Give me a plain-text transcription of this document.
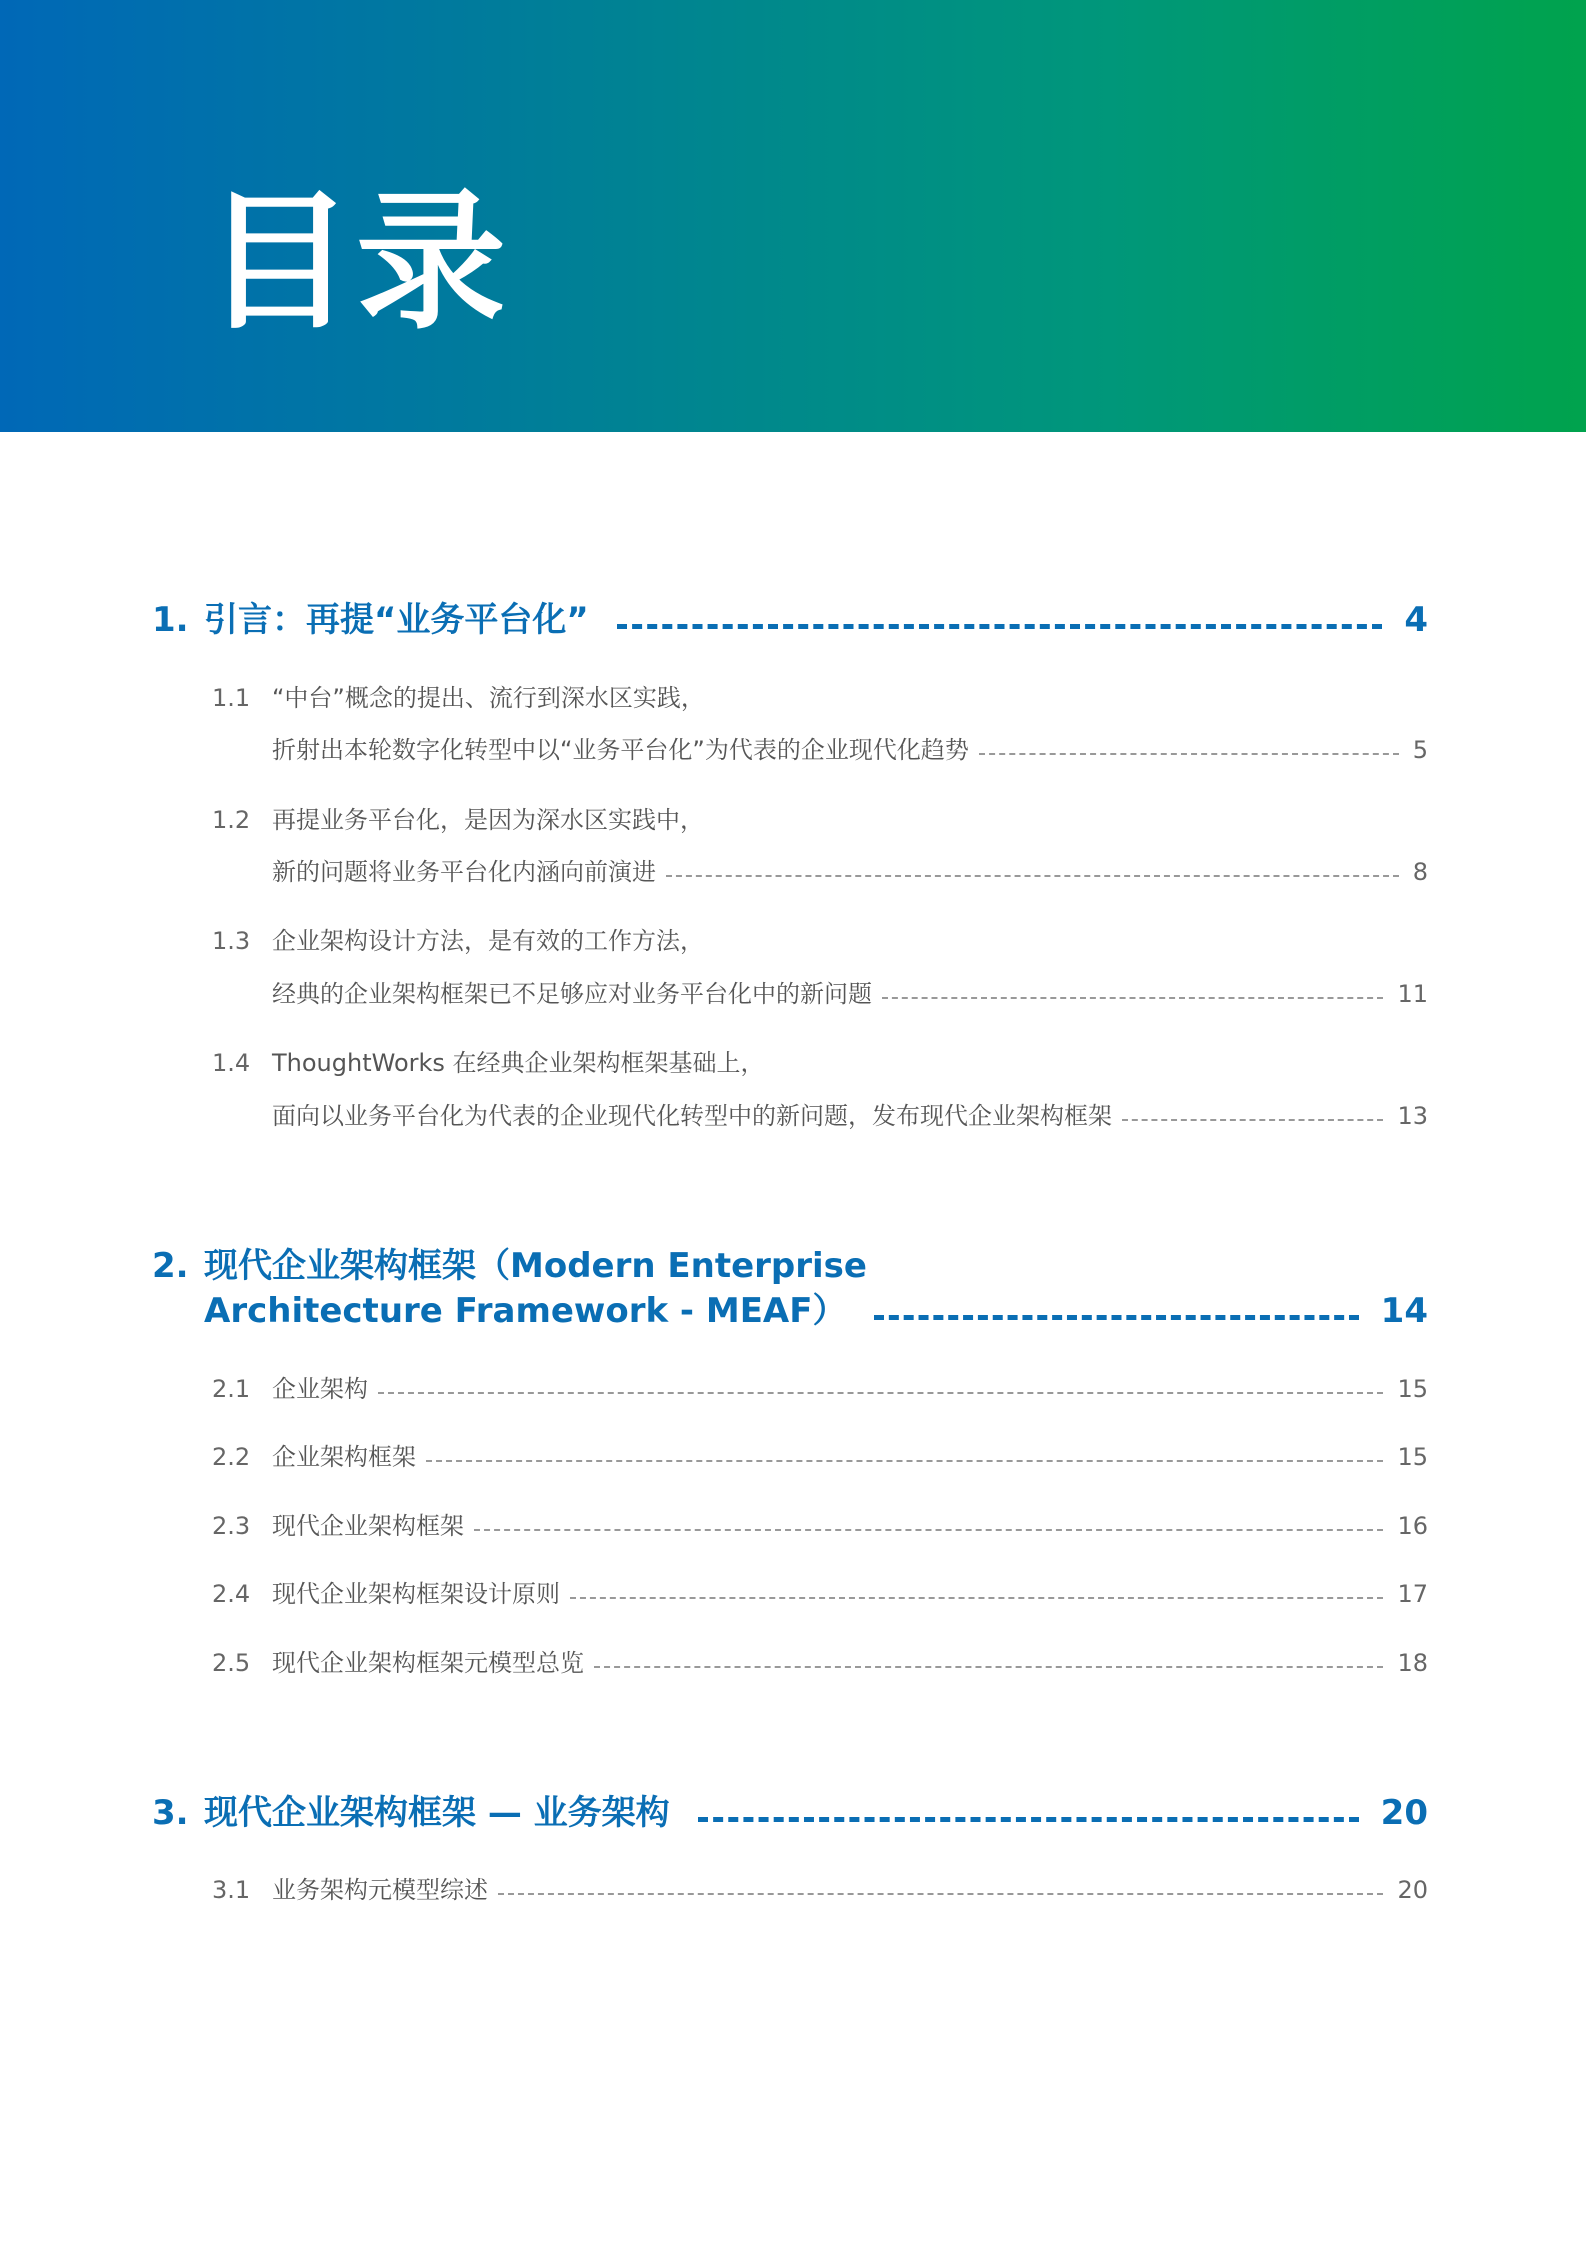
目录
1. 引言：再提“业务平台化”	4
1.1 “中台”概念的提出、流行到深水区实践，
折射出本轮数字化转型中以“业务平台化”为代表的企业现代化趋势	5
1.2 再提业务平台化，是因为深水区实践中，
新的问题将业务平台化内涵向前演进	8
1.3 企业架构设计方法，是有效的工作方法，
经典的企业架构框架已不足够应对业务平台化中的新问题	11
1.4 ThoughtWorks 在经典企业架构框架基础上，
面向以业务平台化为代表的企业现代化转型中的新问题，发布现代企业架构框架	13
2. 现代企业架构框架（Modern Enterprise
Architecture Framework - MEAF）	14
2.1 企业架构	15
2.2 企业架构框架	15
2.3 现代企业架构框架	16
2.4 现代企业架构框架设计原则	17
2.5 现代企业架构框架元模型总览	18
3. 现代企业架构框架 — 业务架构	20
3.1 业务架构元模型综述	20
